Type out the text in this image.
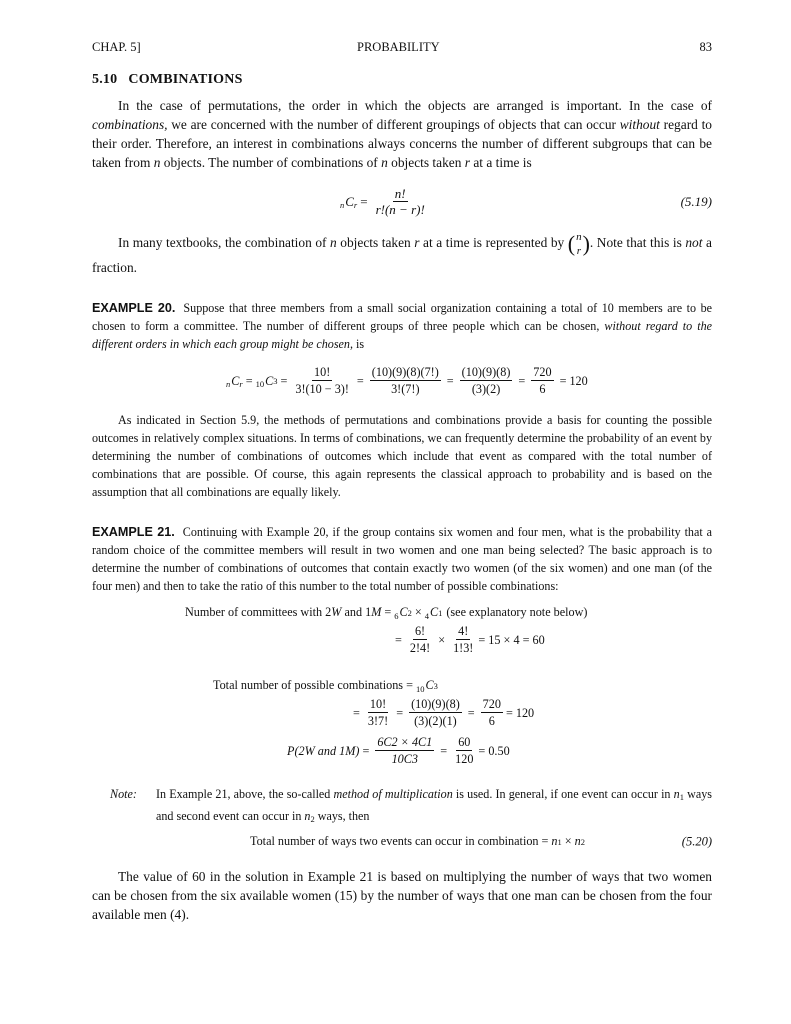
CHAP. 5]	PROBABILITY	83
5.10   COMBINATIONS
In the case of permutations, the order in which the objects are arranged is important. In the case of combinations, we are concerned with the number of different groupings of objects that can occur without regard to their order. Therefore, an interest in combinations always concerns the number of different subgroups that can be taken from n objects. The number of combinations of n objects taken r at a time is
n C $_r = \frac{n!}{r!(n - r)!}$	(5.19)
In many textbooks, the combination of n objects taken r at a time is represented by ( n
r ). Note that this is not a fraction.
EXAMPLE 20. Suppose that three members from a small social organization containing a total of 10 members are to be chosen to form a committee. The number of different groups of three people which can be chosen, without regard to the different orders in which each group might be chosen, is
n C $_r$ = 10 C $3 = \frac{10!}{3!(10 - 3)!} = \frac{(10)(9)(8)(7!)}{3!(7!)} = \frac{(10)(9)(8)}{(3)(2)} = \frac{720}{6} = 120$
As indicated in Section 5.9, the methods of permutations and combinations provide a basis for counting the possible outcomes in relatively complex situations. In terms of combinations, we can frequently determine the probability of an event by determining the number of combinations of outcomes which include that event as compared with the total number of combinations that are possible. Of course, this again represents the classical approach to probability and is based on the assumption that all combinations are equally likely.
EXAMPLE 21. Continuing with Example 20, if the group contains six women and four men, what is the probability that a random choice of the committee members will result in two women and one man being selected? The basic approach is to determine the number of combinations of outcomes that contain exactly two women (of the six women) and one man (of the four men) and then to take the ratio of this number to the total number of possible combinations:
Number of committees with 2 W and 1 M = 6 C 2 × 4 C 1 (see explanatory note below)
= $\frac{6!}{2!4!} \times \frac{4!}{1!3!} = 15 \times 4 = 60$
Total number of possible combinations = 10 C 3
= $\frac{10!}{3!7!} = \frac{(10)(9)(8)}{(3)(2)(1)} = \frac{720}{6} = 120$
P(2W and $1M) = \frac{6C2 \times 4C1}{10C3} = \frac{60}{120} = 0.50$
Note: In Example 21, above, the so-called method of multiplication is used. In general, if one event can occur in $n_1$ ways and second event can occur in $n_2$ ways, then
Total number of ways two events can occur in combination = n 1 × n 2	(5.20)
The value of 60 in the solution in Example 21 is based on multiplying the number of ways that two women can be chosen from the six available women (15) by the number of ways that one man can be chosen from the four available men (4).
